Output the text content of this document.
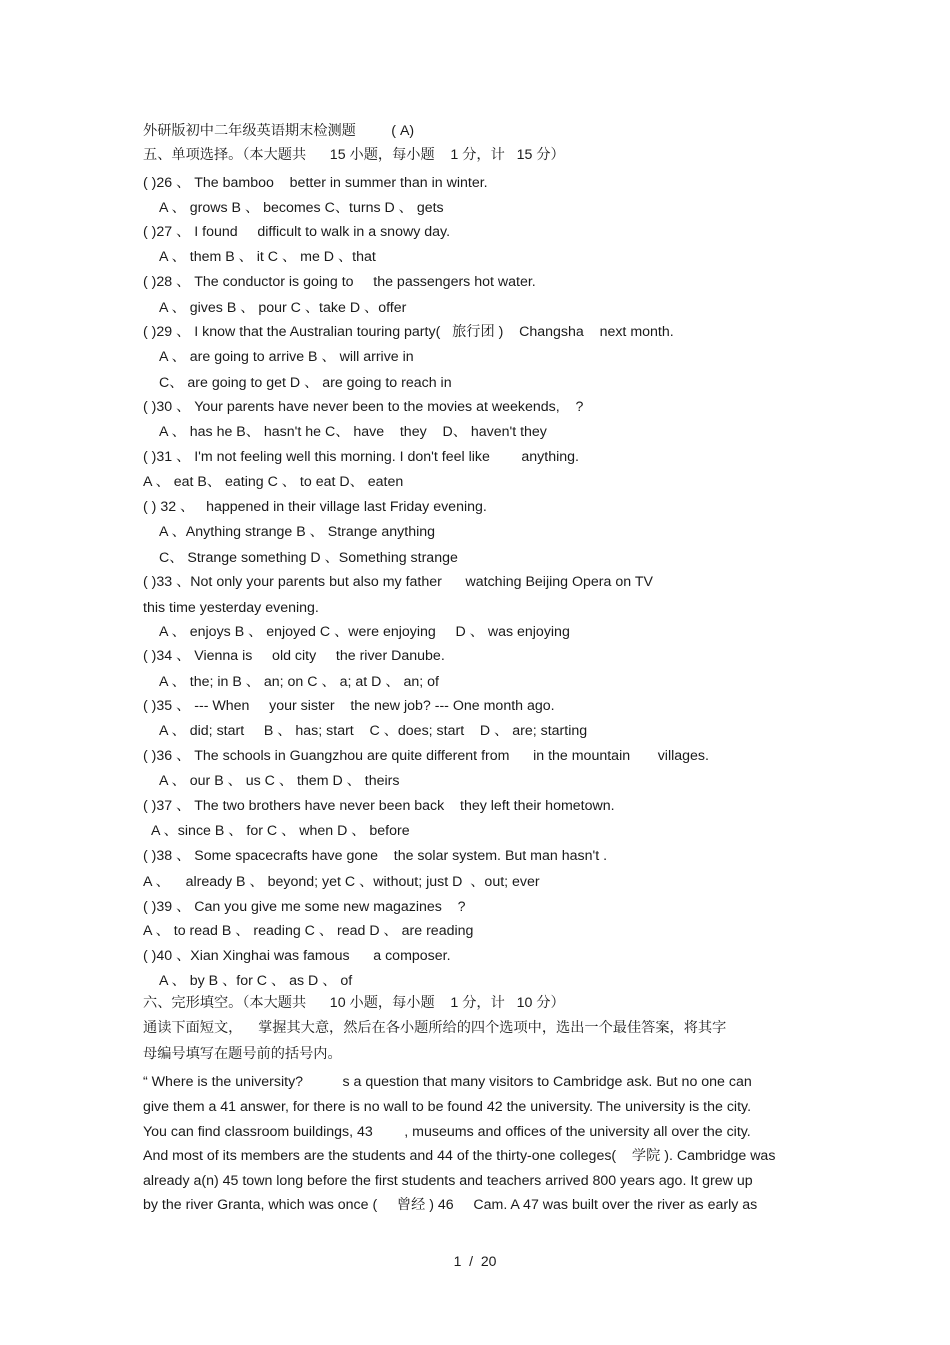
外研版初中二年级英语期末检测题         ( A)
五、单项选择。（本大题共      15 小题，每小题    1 分，计   15 分）
( )26 、 The bamboo    better in summer than in winter.
A 、 grows B 、 becomes C、turns D 、 gets
( )27 、 I found     difficult to walk in a snowy day.
A 、 them B 、 it C 、 me D 、that
( )28 、 The conductor is going to     the passengers hot water.
A 、 gives B 、 pour C 、take D 、offer
( )29 、 I know that the Australian touring party(   旅行团 )    Changsha    next month.
A 、 are going to arrive B 、 will arrive in
C、 are going to get D 、 are going to reach in
( )30 、 Your parents have never been to the movies at weekends,    ?
A 、 has he B、 hasn't he C、 have    they    D、 haven't they
( )31 、 I'm not feeling well this morning. I don't feel like        anything.
A 、 eat B、 eating C 、 to eat D、 eaten
( ) 32 、   happened in their village last Friday evening.
A 、Anything strange B 、 Strange anything
C、 Strange something D 、Something strange
( )33 、Not only your parents but also my father      watching Beijing Opera on TV
this time yesterday evening.
A 、 enjoys B 、 enjoyed C 、were enjoying     D 、 was enjoying
( )34 、 Vienna is     old city     the river Danube.
A 、 the; in B 、 an; on C 、 a; at D 、 an; of
( )35 、 --- When     your sister    the new job? --- One month ago.
A 、 did; start     B 、 has; start    C 、does; start    D 、 are; starting
( )36 、 The schools in Guangzhou are quite different from      in the mountain       villages.
A 、 our B 、 us C 、 them D 、 theirs
( )37 、 The two brothers have never been back    they left their hometown.
A 、since B 、 for C 、 when D 、 before
( )38 、 Some spacecrafts have gone    the solar system. But man hasn't .
A 、    already B 、 beyond; yet C 、without; just D  、out; ever
( )39 、 Can you give me some new magazines    ?
A 、 to read B 、 reading C 、 read D 、 are reading
( )40 、Xian Xinghai was famous      a composer.
A 、 by B 、for C 、 as D 、 of
六、完形填空。（本大题共      10 小题，每小题    1 分，计   10 分）
通读下面短文，    掌握其大意，然后在各小题所给的四个选项中，选出一个最佳答案，将其字
母编号填写在题号前的括号内。
“ Where is the university?          s a question that many visitors to Cambridge ask. But no one can
give them a 41 answer, for there is no wall to be found 42 the university. The university is the city.
You can find classroom buildings, 43        , museums and offices of the university all over the city.
And most of its members are the students and 44 of the thirty-one colleges(    学院 ). Cambridge was
already a(n) 45 town long before the first students and teachers arrived 800 years ago. It grew up
by the river Granta, which was once (     曾经 ) 46     Cam. A 47 was built over the river as early as
1  /  20
